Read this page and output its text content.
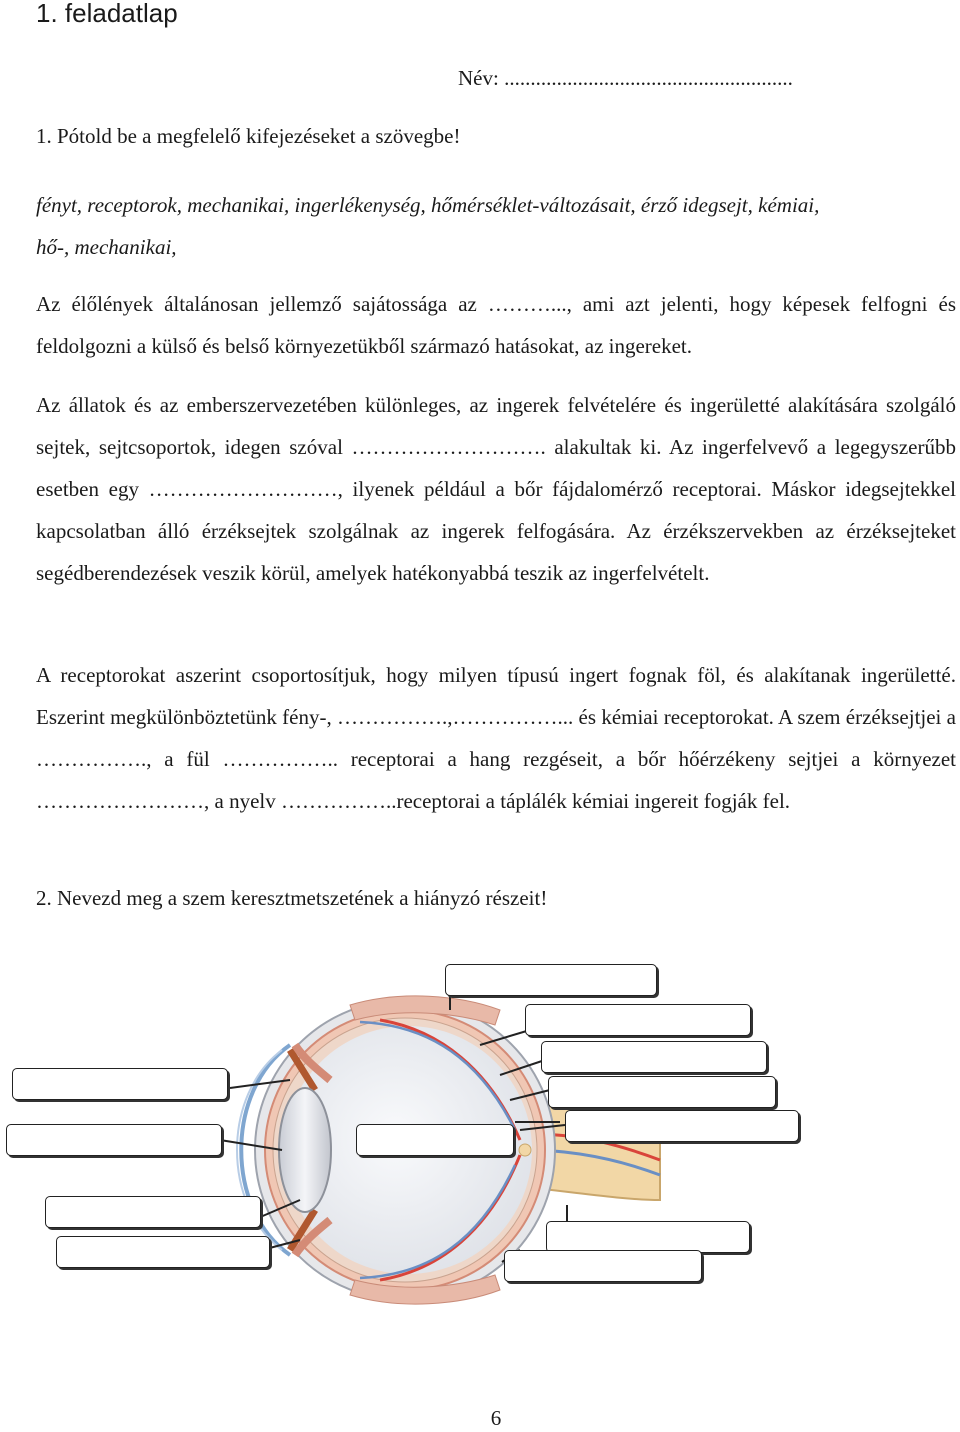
1. feladatlap
Név: .......................................................
1. Pótold be a megfelelő kifejezéseket a szövegbe!

fényt, receptorok, mechanikai, ingerlékenység, hőmérséklet-változásait, érző idegsejt, kémiai,

hő-, mechanikai,

Az élőlények általánosan jellemző sajátossága az ………..., ami azt jelenti, hogy képesek felfogni és feldolgozni a külső és belső környezetükből származó hatásokat, az ingereket.

Az állatok és az emberszervezetében különleges, az ingerek felvételére és ingerületté alakítására szolgáló sejtek, sejtcsoportok, idegen szóval ………………………. alakultak ki. Az ingerfelvevő a legegyszerűbb esetben egy ………………………, ilyenek például a bőr fájdalomérző receptorai. Máskor idegsejtekkel kapcsolatban álló érzéksejtek szolgálnak az ingerek felfogására. Az érzékszervekben az érzéksejteket segédberendezések veszik körül, amelyek hatékonyabbá teszik az ingerfelvételt.

A receptorokat aszerint csoportosítjuk, hogy milyen típusú ingert fognak föl, és alakítanak ingerületté. Eszerint megkülönböztetünk fény-, …………….,……………... és kémiai receptorokat. A szem érzéksejtjei a ……………., a fül …………….. receptorai a hang rezgéseit, a bőr hőérzékeny sejtjei a környezet ……………………, a nyelv ……………..receptorai a táplálék kémiai ingereit fogják fel.

2. Nevezd meg a szem keresztmetszetének a hiányzó részeit!
6
